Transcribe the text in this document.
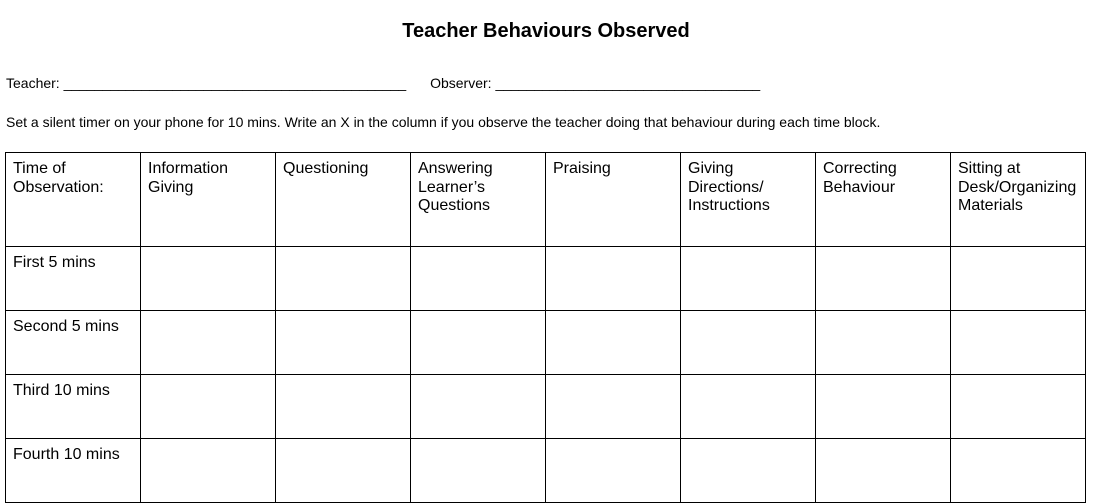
Teacher Behaviours Observed
Teacher: ____________________________________________ Observer: __________________________________
Set a silent timer on your phone for 10 mins. Write an X in the column if you observe the teacher doing that behaviour during each time block.
Time of Observation:	Information Giving	Questioning	Answering Learner’s Questions	Praising	Giving Directions/ Instructions	Correcting Behaviour	Sitting at Desk/Organizing Materials
First 5 mins							
Second 5 mins							
Third 10 mins							
Fourth 10 mins							
